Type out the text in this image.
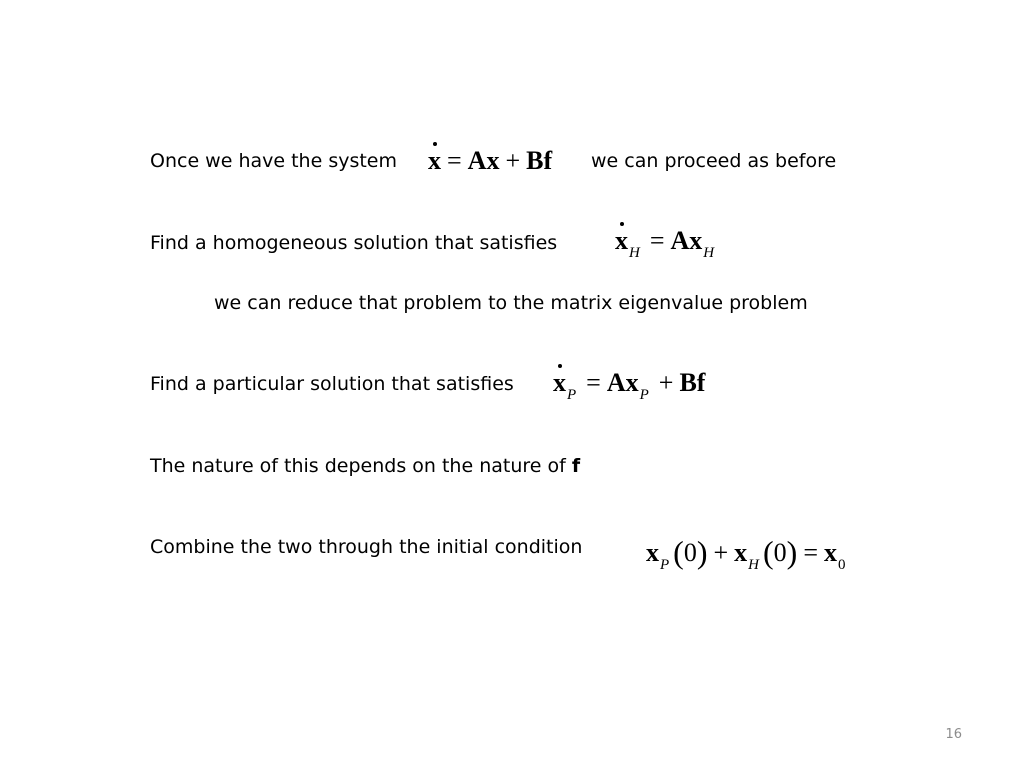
Once we have the system x = Ax + Bf we can proceed as before
Find a homogeneous solution that satisfies $x_H = Ax_H$
we can reduce that problem to the matrix eigenvalue problem
Find a particular solution that satisfies $x_P = Ax_P + Bf$
The nature of this depends on the nature of f
Combine the two through the initial condition $x_P$ $(0) + x_H$ $(0) = x_0$
16
